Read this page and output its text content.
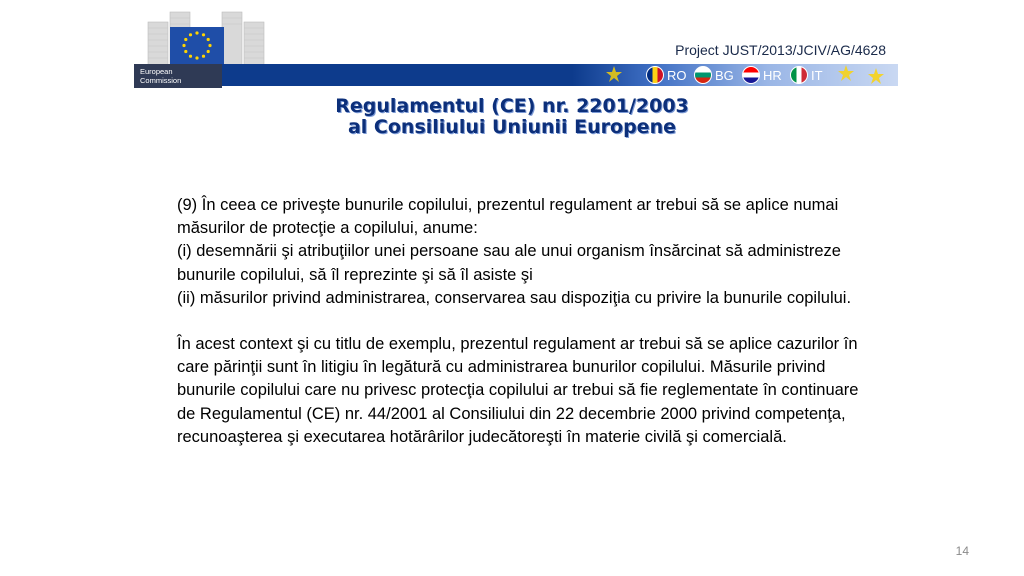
European
Commission
Project JUST/2013/JCIV/AG/4628
RO BG HR IT
Regulamentul (CE) nr. 2201/2003
al Consiliului Uniunii Europene

(9) În ceea ce priveşte bunurile copilului, prezentul regulament ar trebui să se aplice numai măsurilor de protecţie a copilului, anume:

(i) desemnării şi atribuţiilor unei persoane sau ale unui organism însărcinat să administreze bunurile copilului, să îl reprezinte şi să îl asiste şi

(ii) măsurilor privind administrarea, conservarea sau dispoziţia cu privire la bunurile copilului.

În acest context şi cu titlu de exemplu, prezentul regulament ar trebui să se aplice cazurilor în care părinţii sunt în litigiu în legătură cu administrarea bunurilor copilului. Măsurile privind bunurile copilului care nu privesc protecţia copilului ar trebui să fie reglementate în continuare de Regulamentul (CE) nr. 44/2001 al Consiliului din 22 decembrie 2000 privind competenţa, recunoaşterea şi executarea hotărârilor judecătoreşti în materie civilă şi comercială.

14
